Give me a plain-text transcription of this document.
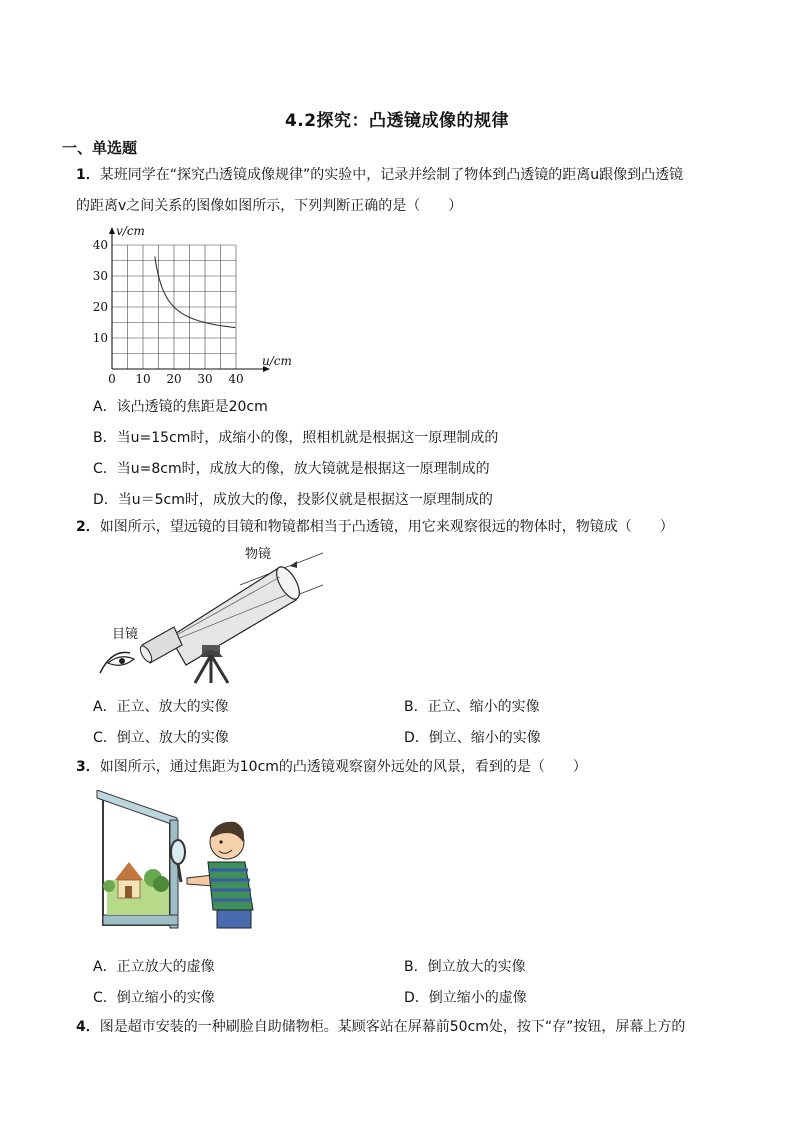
4.2探究：凸透镜成像的规律
一、单选题
1．某班同学在“探究凸透镜成像规律”的实验中，记录并绘制了物体到凸透镜的距离u跟像到凸透镜
的距离v之间关系的图像如图所示，下列判断正确的是（　　）
0 10 20 30 40
10
20
30
40
u/cm
v/cm
A．该凸透镜的焦距是20cm
B．当u=15cm时，成缩小的像，照相机就是根据这一原理制成的
C．当u=8cm时，成放大的像，放大镜就是根据这一原理制成的
D．当u＝5cm时，成放大的像，投影仪就是根据这一原理制成的
2．如图所示，望远镜的目镜和物镜都相当于凸透镜，用它来观察很远的物体时，物镜成（　　）
物镜
目镜
A．正立、放大的实像	B．正立、缩小的实像
C．倒立、放大的实像	D．倒立、缩小的实像
3．如图所示，通过焦距为10cm的凸透镜观察窗外远处的风景，看到的是（　　）
A．正立放大的虚像	B．倒立放大的实像
C．倒立缩小的实像	D．倒立缩小的虚像
4．图是超市安装的一种刷脸自助储物柜。某顾客站在屏幕前50cm处，按下“存”按钮，屏幕上方的
